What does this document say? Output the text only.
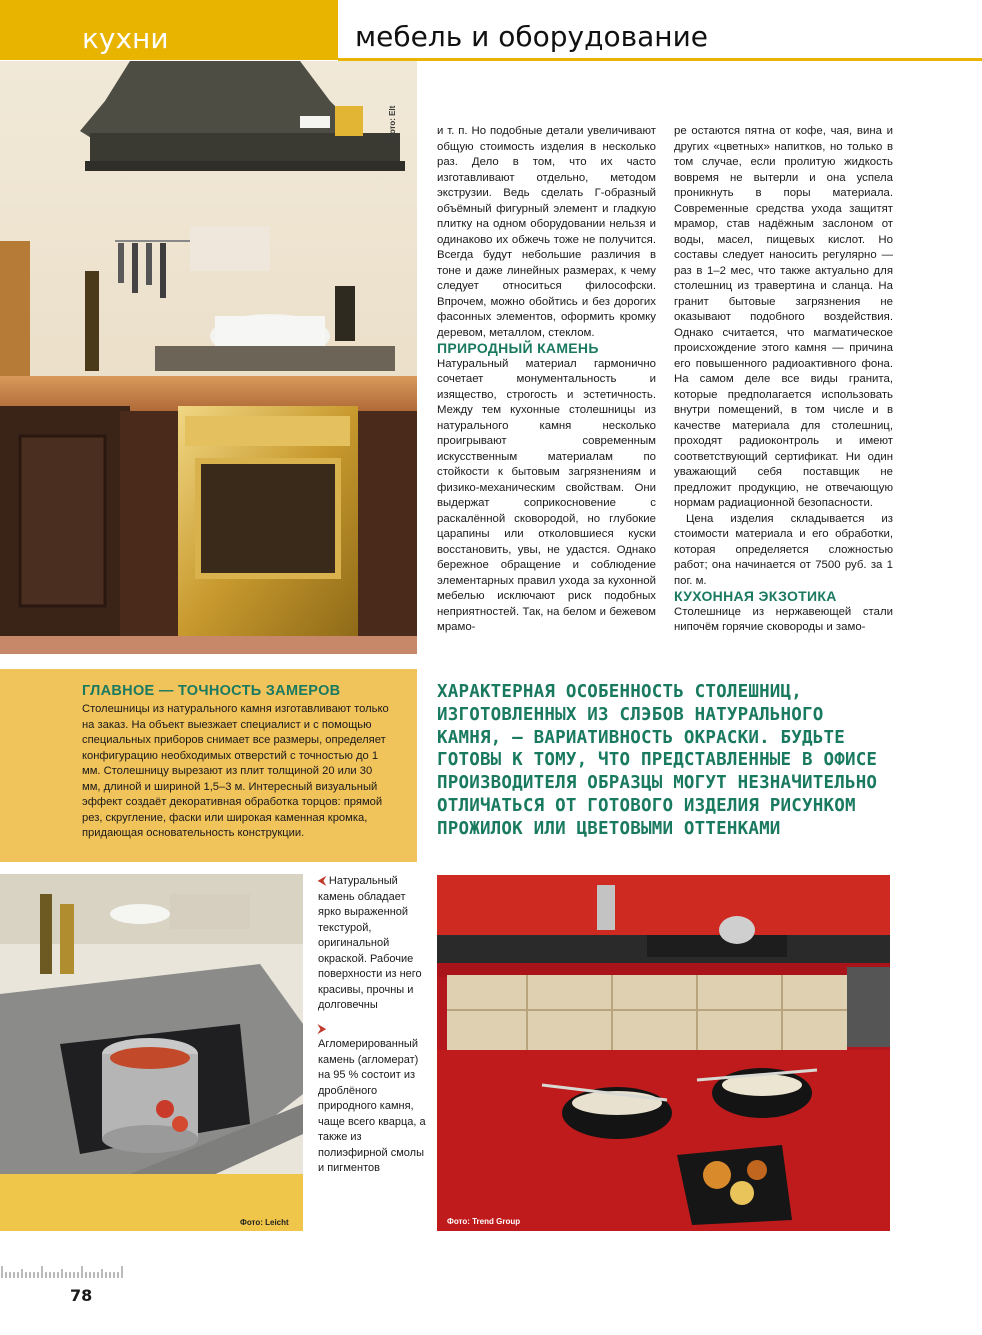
кухни	мебель и оборудование
Фото: Elt	и т. п. Но подобные детали увеличивают общую стоимость изделия в несколько раз. Дело в том, что их часто изготавливают отдельно, методом экструзии. Ведь сделать Г-образный объёмный фигурный элемент и гладкую плитку на одном оборудовании нельзя и одинаково их обжечь тоже не получится. Всегда будут небольшие различия в тоне и даже линейных размерах, к чему следует относиться философски. Впрочем, можно обойтись и без дорогих фасонных элементов, оформить кромку деревом, металлом, стеклом.

ПРИРОДНЫЙ КАМЕНЬ

Натуральный материал гармонично сочетает монументальность и изящество, строгость и эстетичность. Между тем кухонные столешницы из натурального камня несколько проигрывают современным искусственным материалам по стойкости к бытовым загрязнениям и физико-механическим свойствам. Они выдержат соприкосновение с раскалённой сковородой, но глубокие царапины или отколовшиеся куски восстановить, увы, не удастся. Однако бережное обращение и соблюдение элементарных правил ухода за кухонной мебелью исключают риск подобных неприятностей. Так, на белом и бежевом мрамо-

ре остаются пятна от кофе, чая, вина и других «цветных» напитков, но только в том случае, если пролитую жидкость вовремя не вытерли и она успела проникнуть в поры материала. Современные средства ухода защитят мрамор, став надёжным заслоном от воды, масел, пищевых кислот. Но составы следует наносить регулярно — раз в 1–2 мес, что также актуально для столешниц из травертина и сланца. На гранит бытовые загрязнения не оказывают подобного воздействия. Однако считается, что магматическое происхождение этого камня — причина его повышенного радиоактивного фона. На самом деле все виды гранита, которые предполагается использовать внутри помещений, в том числе и в качестве материала для столешниц, проходят радиоконтроль и имеют соответствующий сертификат. Ни один уважающий себя поставщик не предложит продукцию, не отвечающую нормам радиационной безопасности.

Цена изделия складывается из стоимости материала и его обработки, которая определяется сложностью работ; она начинается от 7500 руб. за 1 пог. м.

КУХОННАЯ ЭКЗОТИКА

Столешнице из нержавеющей стали нипочём горячие сковороды и замо-

ГЛАВНОЕ — ТОЧНОСТЬ ЗАМЕРОВ

Столешницы из натурального камня изготавливают только на заказ. На объект выезжает специалист и с помощью специальных приборов снимает все размеры, определяет конфигурацию необходимых отверстий с точностью до 1 мм. Столешницу вырезают из плит толщиной 20 или 30 мм, длиной и шириной 1,5–3 м. Интересный визуальный эффект создаёт декоративная обработка торцов: прямой рез, скругление, фаски или широкая каменная кромка, придающая основательность конструкции.

ХАРАКТЕРНАЯ ОСОБЕННОСТЬ СТОЛЕШНИЦ, ИЗГОТОВЛЕННЫХ ИЗ СЛЭБОВ НАТУРАЛЬНОГО КАМНЯ, — ВАРИАТИВНОСТЬ ОКРАСКИ. БУДЬТЕ ГОТОВЫ К ТОМУ, ЧТО ПРЕДСТАВЛЕННЫЕ В ОФИСЕ ПРОИЗВОДИТЕЛЯ ОБРАЗЦЫ МОГУТ НЕЗНАЧИТЕЛЬНО ОТЛИЧАТЬСЯ ОТ ГОТОВОГО ИЗДЕЛИЯ РИСУНКОМ ПРОЖИЛОК ИЛИ ЦВЕТОВЫМИ ОТТЕНКАМИ

Фото: Leicht

⮜ Натуральный камень обладает ярко выраженной текстурой, оригинальной окраской. Рабочие поверхности из него красивы, прочны и долговечны

⮞ Агломерированный камень (агломерат) на 95 % состоит из дроблёного природного камня, чаще всего кварца, а также из полиэфирной смолы и пигментов

Фото: Trend Group
78
